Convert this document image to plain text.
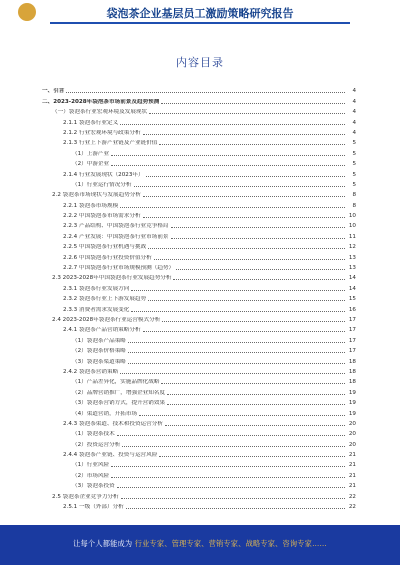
袋泡茶企业基层员工激励策略研究报告
内容目录
一、引言	4
二、2023-2028年袋泡茶市场前景及趋势预测	4
（一）袋泡茶行业宏观环境及发展现状	4
2.1.1 袋泡茶行业定义	4
2.1.2 行业宏观环境与政策分析	4
2.1.3 行业上下游产业链及产业链价值	5
（1）上游产业	5
（2）中游企业	5
2.1.4 行业发展现状（2023年）	5
（1）行业运行情况分析	5
2.2 袋泡茶市场现状与发展趋势分析	8
2.2.1 袋泡茶市场规模	8
2.2.2 中国袋泡茶市场需求分析	10
2.2.3 产品结构、中国袋泡茶行业竞争格局	10
2.2.4 产业发展：中国袋泡茶行业市场前景	11
2.2.5 中国袋泡茶行业机遇与挑战	12
2.2.6 中国袋泡茶行业投资价值分析	13
2.2.7 中国袋泡茶行业市场规模预测（趋势）	13
2.3 2023-2028年中国袋泡茶行业发展趋势分析	14
2.3.1 袋泡茶行业发展方向	14
2.3.2 袋泡茶行业上下游发展趋势	15
2.3.3 消费者需求发展变化	16
2.4 2023-2028年袋泡茶行业运营模式分析	17
2.4.1 袋泡茶产品营销策略分析	17
（1）袋泡茶产品策略	17
（2）袋泡茶价格策略	17
（3）袋泡茶渠道策略	18
2.4.2 袋泡茶营销策略	18
（1）产品差异化，实施品牌化战略	18
（2）品牌营销推广，增强企业知名度	19
（3）袋泡茶营销方式，提升营销效果	19
（4）渠道营销，开拓市场	19
2.4.3 袋泡茶渠道、技术和投资运营分析	20
（1）袋泡茶技术	20
（2）投资运营分析	20
2.4.4 袋泡茶产业链、投资与运营风险	21
（1）行业风险	21
（2）市场风险	21
（3）袋泡茶投资	21
2.5 袋泡茶企业竞争力分析	22
2.5.1 一级（外部）分析	22
让每个人都能成为 行业专家、管理专家、营销专家、战略专家、咨询专家……
